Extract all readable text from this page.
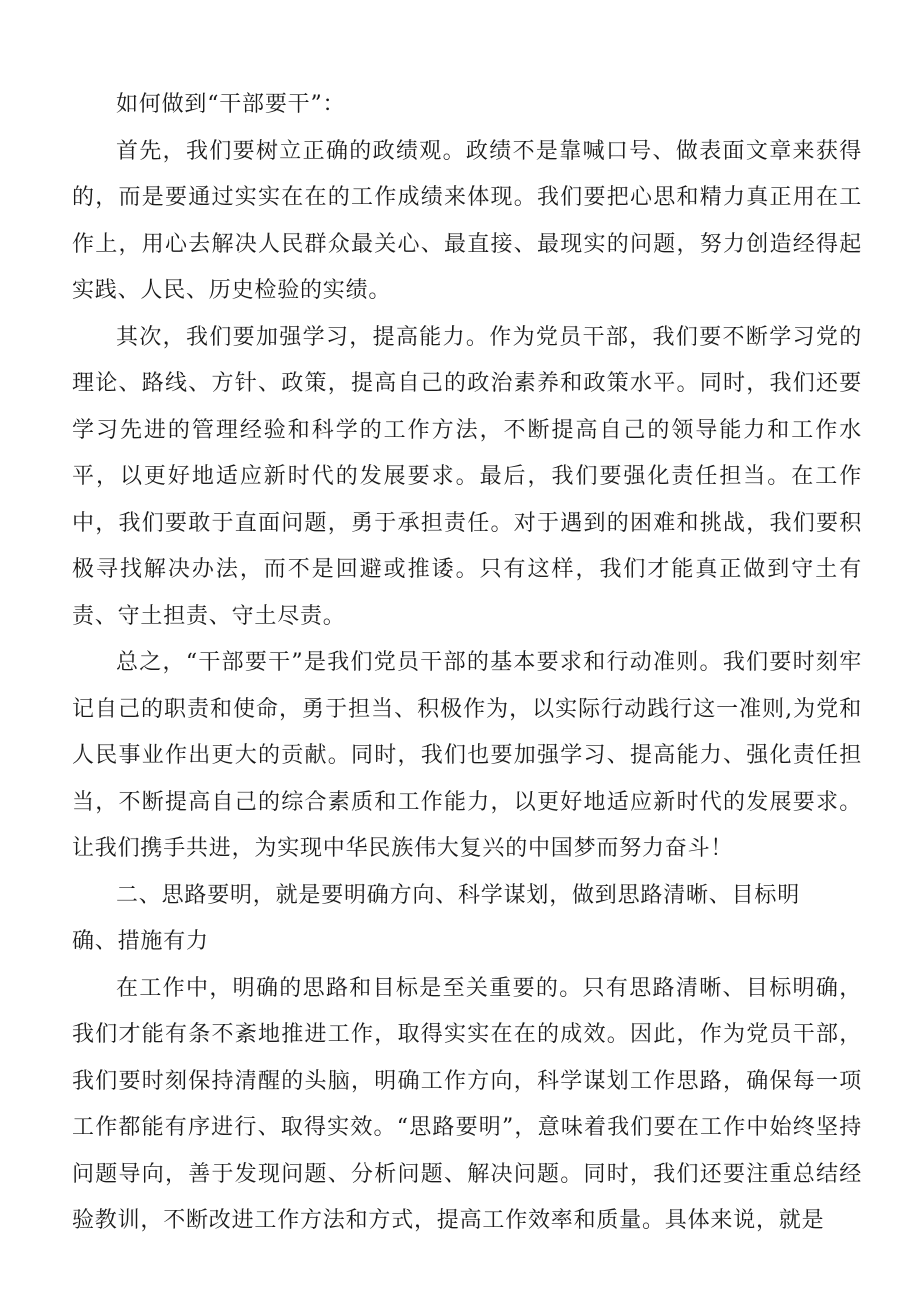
如何做到“干部要干”：

首先，我们要树立正确的政绩观。政绩不是靠喊口号、做表面文章来获得的，而是要通过实实在在的工作成绩来体现。我们要把心思和精力真正用在工作上，用心去解决人民群众最关心、最直接、最现实的问题，努力创造经得起实践、人民、历史检验的实绩。

其次，我们要加强学习，提高能力。作为党员干部，我们要不断学习党的理论、路线、方针、政策，提高自己的政治素养和政策水平。同时，我们还要学习先进的管理经验和科学的工作方法，不断提高自己的领导能力和工作水平，以更好地适应新时代的发展要求。最后，我们要强化责任担当。在工作中，我们要敢于直面问题，勇于承担责任。对于遇到的困难和挑战，我们要积极寻找解决办法，而不是回避或推诿。只有这样，我们才能真正做到守土有责、守土担责、守土尽责。

总之，“干部要干”是我们党员干部的基本要求和行动准则。我们要时刻牢记自己的职责和使命，勇于担当、积极作为，以实际行动践行这一准则,为党和人民事业作出更大的贡献。同时，我们也要加强学习、提高能力、强化责任担当，不断提高自己的综合素质和工作能力，以更好地适应新时代的发展要求。让我们携手共进，为实现中华民族伟大复兴的中国梦而努力奋斗！

二、思路要明，就是要明确方向、科学谋划，做到思路清晰、目标明确、措施有力

在工作中，明确的思路和目标是至关重要的。只有思路清晰、目标明确，我们才能有条不紊地推进工作，取得实实在在的成效。因此，作为党员干部，我们要时刻保持清醒的头脑，明确工作方向，科学谋划工作思路，确保每一项工作都能有序进行、取得实效。“思路要明”，意味着我们要在工作中始终坚持问题导向，善于发现问题、分析问题、解决问题。同时，我们还要注重总结经验教训，不断改进工作方法和方式，提高工作效率和质量。具体来说，就是
